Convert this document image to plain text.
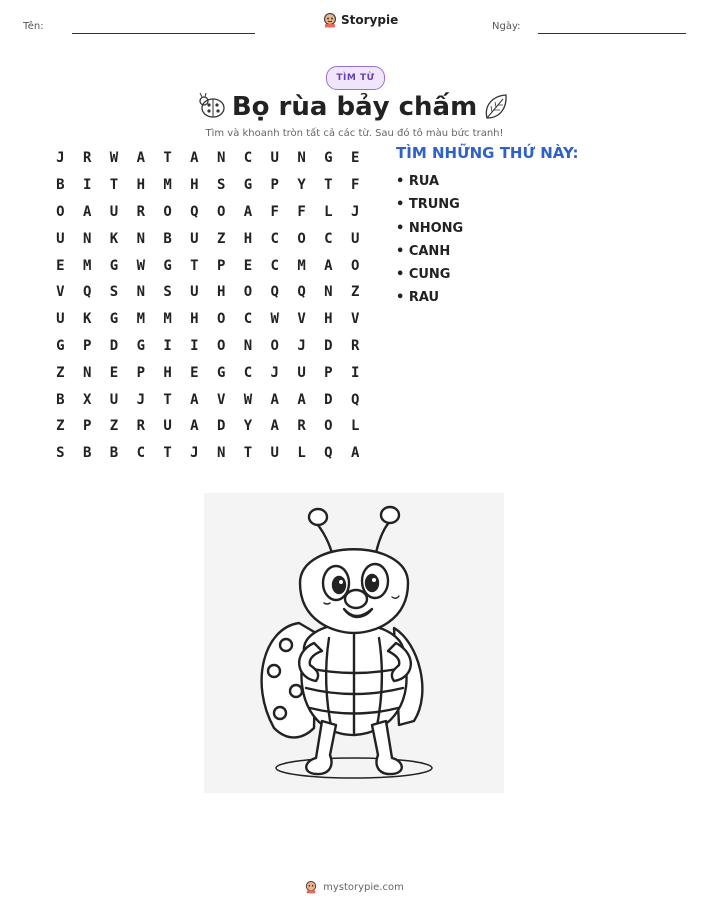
Tên:	Storypie	Ngày:
TÌM TỪ
Bọ rùa bảy chấm
Tìm và khoanh tròn tất cả các từ. Sau đó tô màu bức tranh!
J	R	W	A	T	A	N	C	U	N	G	E
B	I	T	H	M	H	S	G	P	Y	T	F
O	A	U	R	O	Q	O	A	F	F	L	J
U	N	K	N	B	U	Z	H	C	O	C	U
E	M	G	W	G	T	P	E	C	M	A	O
V	Q	S	N	S	U	H	O	Q	Q	N	Z
U	K	G	M	M	H	O	C	W	V	H	V
G	P	D	G	I	I	O	N	O	J	D	R
Z	N	E	P	H	E	G	C	J	U	P	I
B	X	U	J	T	A	V	W	A	A	D	Q
Z	P	Z	R	U	A	D	Y	A	R	O	L
S	B	B	C	T	J	N	T	U	L	Q	A
TÌM NHỮNG THỨ NÀY:
• RUA
• TRUNG
• NHONG
• CANH
• CUNG
• RAU
mystorypie.com
